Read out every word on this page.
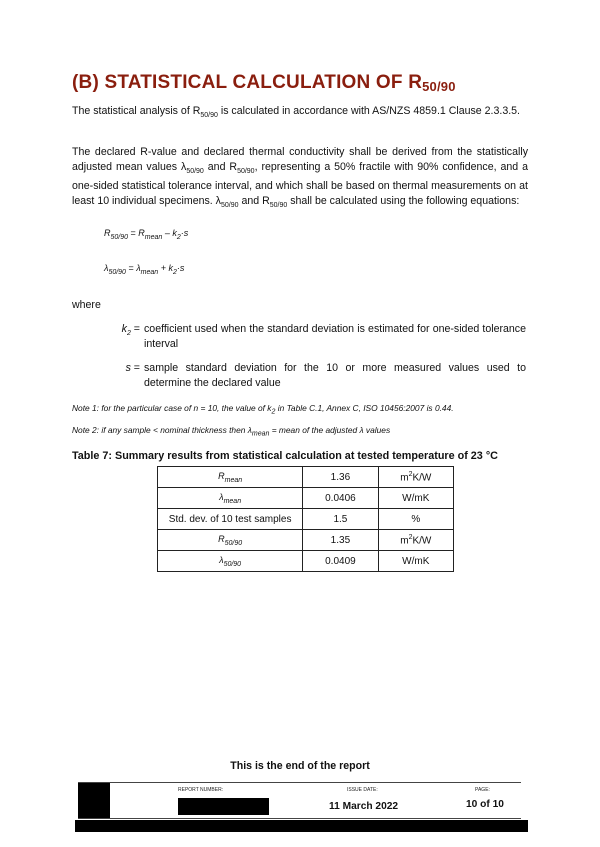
(B) STATISTICAL CALCULATION OF R50/90

The statistical analysis of $R_{50/90}$ is calculated in accordance with AS/NZS 4859.1 Clause 2.3.3.5.

The declared R-value and declared thermal conductivity shall be derived from the statistically adjusted mean values $\lambda_{50/90}$ and $R_{50/90}$, representing a 50% fractile with 90% confidence, and a one-sided statistical tolerance interval, and which shall be based on thermal measurements on at least 10 individual specimens. $\lambda_{50/90}$ and $R_{50/90}$ shall be calculated using the following equations:

$R_{50/90} = R_{mean} - k_2\cdot s$
$\lambda_{50/90} = \lambda_{mean} + k_2\cdot s$
where
$k_2$ = coefficient used when the standard deviation is estimated for one-sided tolerance interval
s = sample standard deviation for the 10 or more measured values used to determine the declared value
Note 1: for the particular case of n = 10, the value of $k_2$ in Table C.1, Annex C, ISO 10456:2007 is 0.44.
Note 2: if any sample < nominal thickness then $\lambda_{mean}$ = mean of the adjusted λ values
Table 7: Summary results from statistical calculation at tested temperature of 23 °C
$R_{mean}$	1.36	$m^2K/W$
$\lambda_{mean}$	0.0406	W/mK
Std. dev. of 10 test samples	1.5	%
$R_{50/90}$	1.35	$m^2K/W$
$\lambda_{50/90}$	0.0409	W/mK
This is the end of the report
REPORT NUMBER:	ISSUE DATE:
11 March 2022
PAGE:
10 of 10
